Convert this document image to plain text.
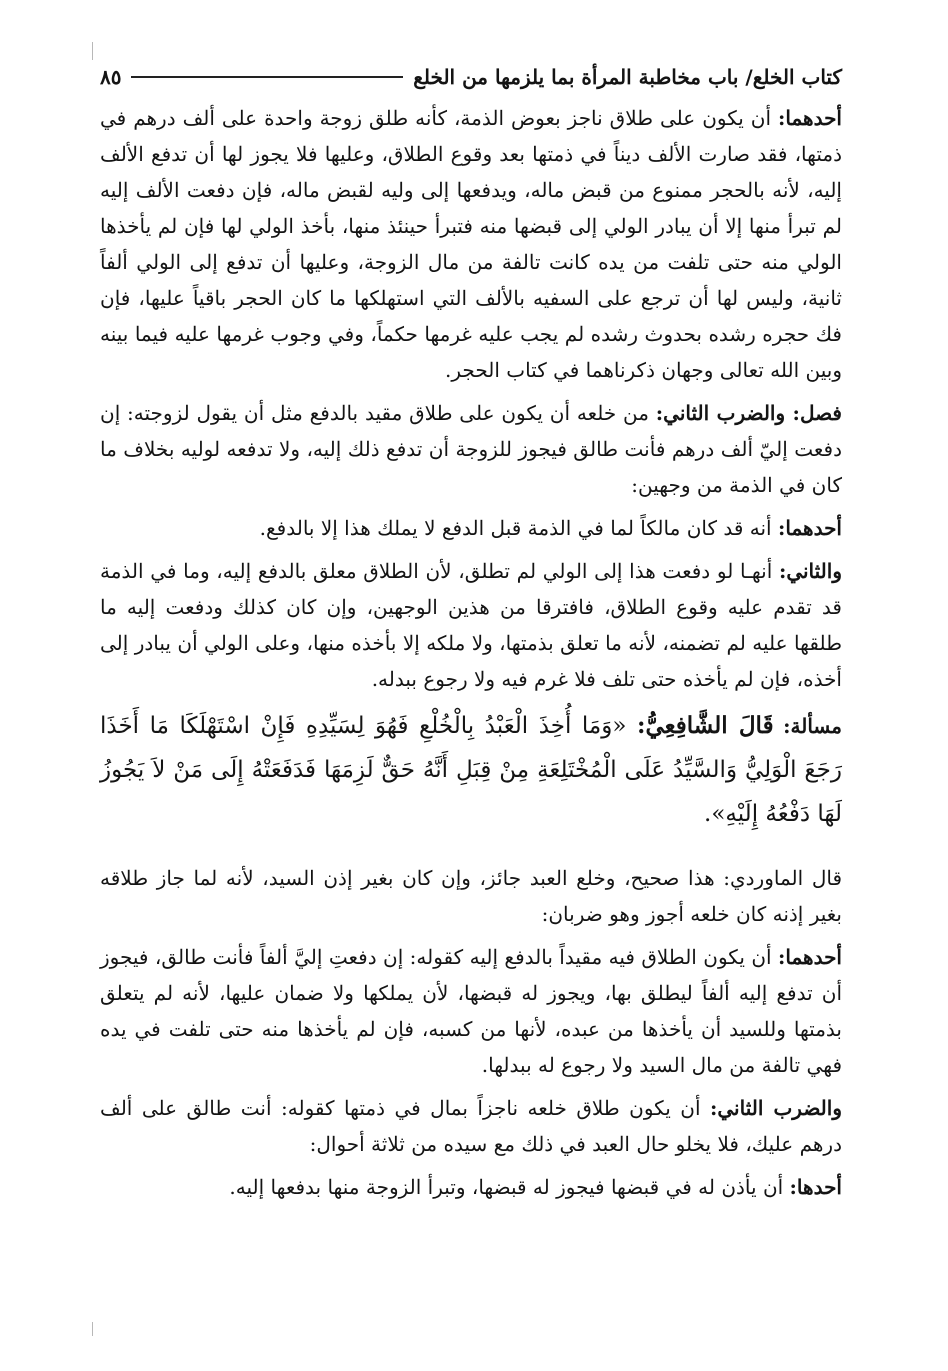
كتاب الخلع/ باب مخاطبة المرأة بما يلزمها من الخلع
٨٥

أحدهما: أن يكون على طلاق ناجز بعوض الذمة، كأنه طلق زوجة واحدة على ألف درهم في ذمتها، فقد صارت الألف ديناً في ذمتها بعد وقوع الطلاق، وعليها فلا يجوز لها أن تدفع الألف إليه، لأنه بالحجر ممنوع من قبض ماله، ويدفعها إلى وليه لقبض ماله، فإن دفعت الألف إليه لم تبرأ منها إلا أن يبادر الولي إلى قبضها منه فتبرأ حينئذ منها، بأخذ الولي لها فإن لم يأخذها الولي منه حتى تلفت من يده كانت تالفة من مال الزوجة، وعليها أن تدفع إلى الولي ألفاً ثانية، وليس لها أن ترجع على السفيه بالألف التي استهلكها ما كان الحجر باقياً عليها، فإن فك حجره رشده بحدوث رشده لم يجب عليه غرمها حكماً، وفي وجوب غرمها عليه فيما بينه وبين الله تعالى وجهان ذكرناهما في كتاب الحجر.

فصل: والضرب الثاني: من خلعه أن يكون على طلاق مقيد بالدفع مثل أن يقول لزوجته: إن دفعت إليّ ألف درهم فأنت طالق فيجوز للزوجة أن تدفع ذلك إليه، ولا تدفعه لوليه بخلاف ما كان في الذمة من وجهين:

أحدهما: أنه قد كان مالكاً لما في الذمة قبل الدفع لا يملك هذا إلا بالدفع.

والثاني: أنهـا لو دفعت هذا إلى الولي لم تطلق، لأن الطلاق معلق بالدفع إليه، وما في الذمة قد تقدم عليه وقوع الطلاق، فافترقا من هذين الوجهين، وإن كان كذلك ودفعت إليه ما طلقها عليه لم تضمنه، لأنه ما تعلق بذمتها، ولا ملكه إلا بأخذه منها، وعلى الولي أن يبادر إلى أخذه، فإن لم يأخذه حتى تلف فلا غرم فيه ولا رجوع ببدله.

مسألة: قَالَ الشَّافِعِيُّ: «وَمَا أُخِذَ الْعَبْدُ بِالْخُلْعِ فَهُوَ لِسَيِّدِهِ فَإِنْ اسْتَهْلَكَا مَا أَخَذَا رَجَعَ الْوَلِيُّ وَالسَّيِّدُ عَلَى الْمُخْتَلِعَةِ مِنْ قِبَلِ أَنَّهُ حَقٌّ لَزِمَهَا فَدَفَعَتْهُ إِلَى مَنْ لاَ يَجُوزُ لَهَا دَفْعُهُ إِلَيْهِ».

قال الماوردي: هذا صحيح، وخلع العبد جائز، وإن كان بغير إذن السيد، لأنه لما جاز طلاقه بغير إذنه كان خلعه أجوز وهو ضربان:

أحدهما: أن يكون الطلاق فيه مقيداً بالدفع إليه كقوله: إن دفعتِ إليَّ ألفاً فأنت طالق، فيجوز أن تدفع إليه ألفاً ليطلق بها، ويجوز له قبضها، لأن يملكها ولا ضمان عليها، لأنه لم يتعلق بذمتها وللسيد أن يأخذها من عبده، لأنها من كسبه، فإن لم يأخذها منه حتى تلفت في يده فهي تالفة من مال السيد ولا رجوع له ببدلها.

والضرب الثاني: أن يكون طلاق خلعه ناجزاً بمال في ذمتها كقوله: أنت طالق على ألف درهم عليك، فلا يخلو حال العبد في ذلك مع سيده من ثلاثة أحوال:

أحدها: أن يأذن له في قبضها فيجوز له قبضها، وتبرأ الزوجة منها بدفعها إليه.
